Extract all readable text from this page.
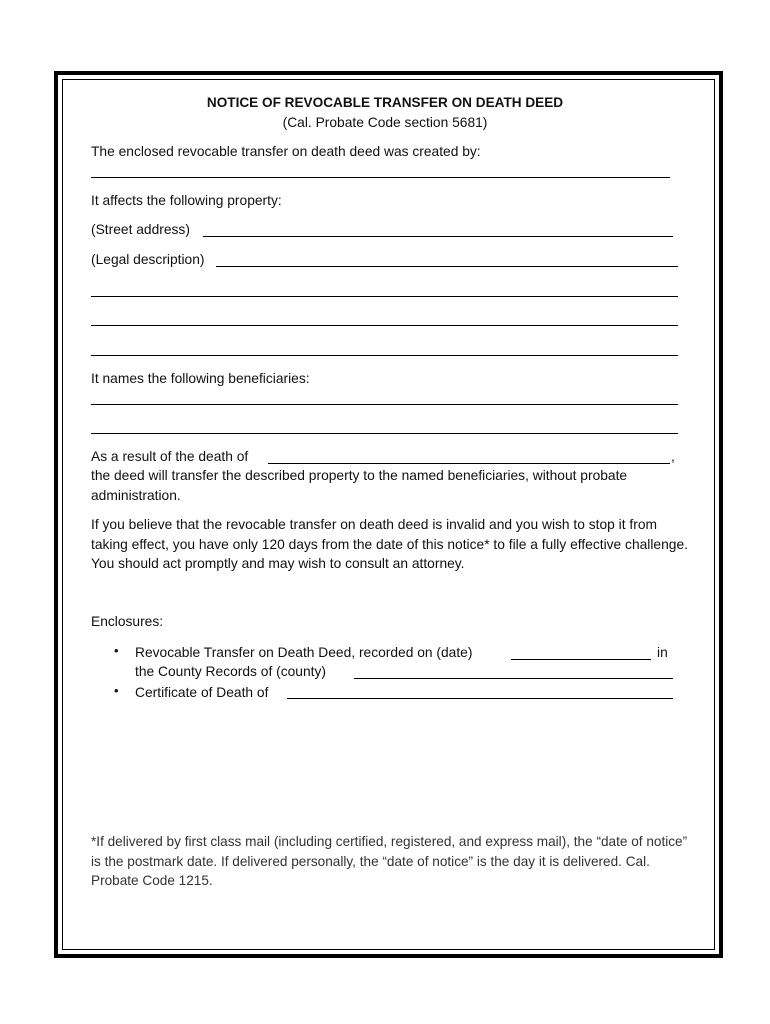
NOTICE OF REVOCABLE TRANSFER ON DEATH DEED
(Cal. Probate Code section 5681)
The enclosed revocable transfer on death deed was created by:
It affects the following property:
(Street address)
(Legal description)
It names the following beneficiaries:
As a result of the death of	,
the deed will transfer the described property to the named beneficiaries, without probate administration.
If you believe that the revocable transfer on death deed is invalid and you wish to stop it from taking effect, you have only 120 days from the date of this notice* to file a fully effective challenge. You should act promptly and may wish to consult an attorney.
Enclosures:
• Revocable Transfer on Death Deed, recorded on (date)	in
the County Records of (county)
• Certificate of Death of
*If delivered by first class mail (including certified, registered, and express mail), the “date of notice” is the postmark date. If delivered personally, the “date of notice” is the day it is delivered. Cal. Probate Code 1215.
